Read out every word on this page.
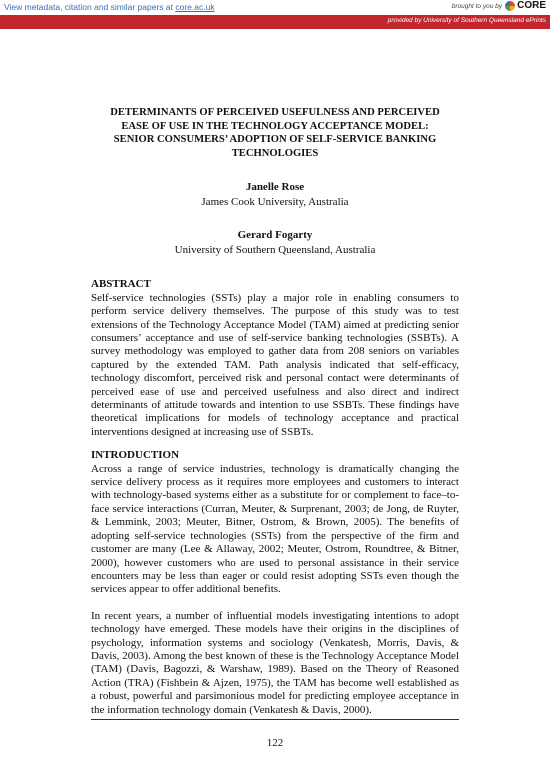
View metadata, citation and similar papers at core.ac.uk	brought to you by CORE
provided by University of Southern Queensland ePrints

DETERMINANTS OF PERCEIVED USEFULNESS AND PERCEIVED

EASE OF USE IN THE TECHNOLOGY ACCEPTANCE MODEL:

SENIOR CONSUMERS’ ADOPTION OF SELF-SERVICE BANKING

TECHNOLOGIES

Janelle Rose

James Cook University, Australia

Gerard Fogarty

University of Southern Queensland, Australia

ABSTRACT

Self-service technologies (SSTs) play a major role in enabling consumers to perform service delivery themselves. The purpose of this study was to test extensions of the Technology Acceptance Model (TAM) aimed at predicting senior consumers’ acceptance and use of self-service banking technologies (SSBTs). A survey methodology was employed to gather data from 208 seniors on variables captured by the extended TAM. Path analysis indicated that self-efficacy, technology discomfort, perceived risk and personal contact were determinants of perceived ease of use and perceived usefulness and also direct and indirect determinants of attitude towards and intention to use SSBTs. These findings have theoretical implications for models of technology acceptance and practical interventions designed at increasing use of SSBTs.

INTRODUCTION

Across a range of service industries, technology is dramatically changing the service delivery process as it requires more employees and customers to interact with technology-based systems either as a substitute for or complement to face–to-face service interactions (Curran, Meuter, & Surprenant, 2003; de Jong, de Ruyter, & Lemmink, 2003; Meuter, Bitner, Ostrom, & Brown, 2005). The benefits of adopting self-service technologies (SSTs) from the perspective of the firm and customer are many (Lee & Allaway, 2002; Meuter, Ostrom, Roundtree, & Bitner, 2000), however customers who are used to personal assistance in their service encounters may be less than eager or could resist adopting SSTs even though the services appear to offer additional benefits.

In recent years, a number of influential models investigating intentions to adopt technology have emerged. These models have their origins in the disciplines of psychology, information systems and sociology (Venkatesh, Morris, Davis, & Davis, 2003). Among the best known of these is the Technology Acceptance Model (TAM) (Davis, Bagozzi, & Warshaw, 1989). Based on the Theory of Reasoned Action (TRA) (Fishbein & Ajzen, 1975), the TAM has become well established as a robust, powerful and parsimonious model for predicting employee acceptance in the information technology domain (Venkatesh & Davis, 2000).

122
